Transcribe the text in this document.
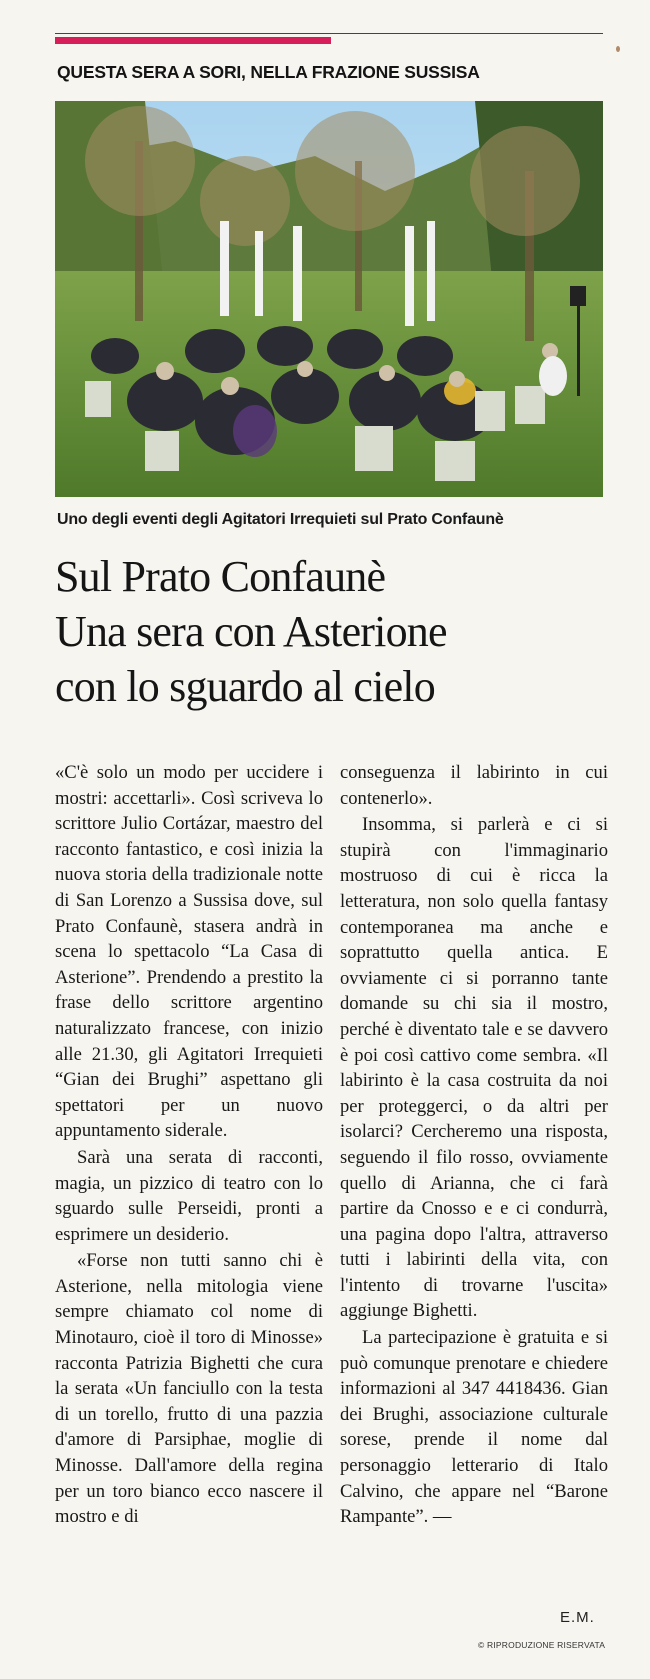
QUESTA SERA A SORI, NELLA FRAZIONE SUSSISA
Uno degli eventi degli Agitatori Irrequieti sul Prato Confaunè
Sul Prato Confaunè
Una sera con Asterione
con lo sguardo al cielo

«C'è solo un modo per uccidere i mostri: accettarli». Così scriveva lo scrittore Julio Cortázar, maestro del racconto fantastico, e così inizia la nuova storia della tradizionale notte di San Lorenzo a Sussisa dove, sul Prato Confaunè, stasera andrà in scena lo spettacolo “La Casa di Asterione”. Prendendo a prestito la frase dello scrittore argentino naturalizzato francese, con inizio alle 21.30, gli Agitatori Irrequieti “Gian dei Brughi” aspettano gli spettatori per un nuovo appuntamento siderale.

Sarà una serata di racconti, magia, un pizzico di teatro con lo sguardo sulle Perseidi, pronti a esprimere un desiderio.

«Forse non tutti sanno chi è Asterione, nella mitologia viene sempre chiamato col nome di Minotauro, cioè il toro di Minosse» racconta Patrizia Bighetti che cura la serata «Un fanciullo con la testa di un torello, frutto di una pazzia d'amore di Parsiphae, moglie di Minosse. Dall'amore della regina per un toro bianco ecco nascere il mostro e di

conseguenza il labirinto in cui contenerlo».

Insomma, si parlerà e ci si stupirà con l'immaginario mostruoso di cui è ricca la letteratura, non solo quella fantasy contemporanea ma anche e soprattutto quella antica. E ovviamente ci si porranno tante domande su chi sia il mostro, perché è diventato tale e se davvero è poi così cattivo come sembra. «Il labirinto è la casa costruita da noi per proteggerci, o da altri per isolarci? Cercheremo una risposta, seguendo il filo rosso, ovviamente quello di Arianna, che ci farà partire da Cnosso e e ci condurrà, una pagina dopo l'altra, attraverso tutti i labirinti della vita, con l'intento di trovarne l'uscita» aggiunge Bighetti.

La partecipazione è gratuita e si può comunque prenotare e chiedere informazioni al 347 4418436. Gian dei Brughi, associazione culturale sorese, prende il nome dal personaggio letterario di Italo Calvino, che appare nel “Barone Rampante”. —

E.M.
© RIPRODUZIONE RISERVATA
